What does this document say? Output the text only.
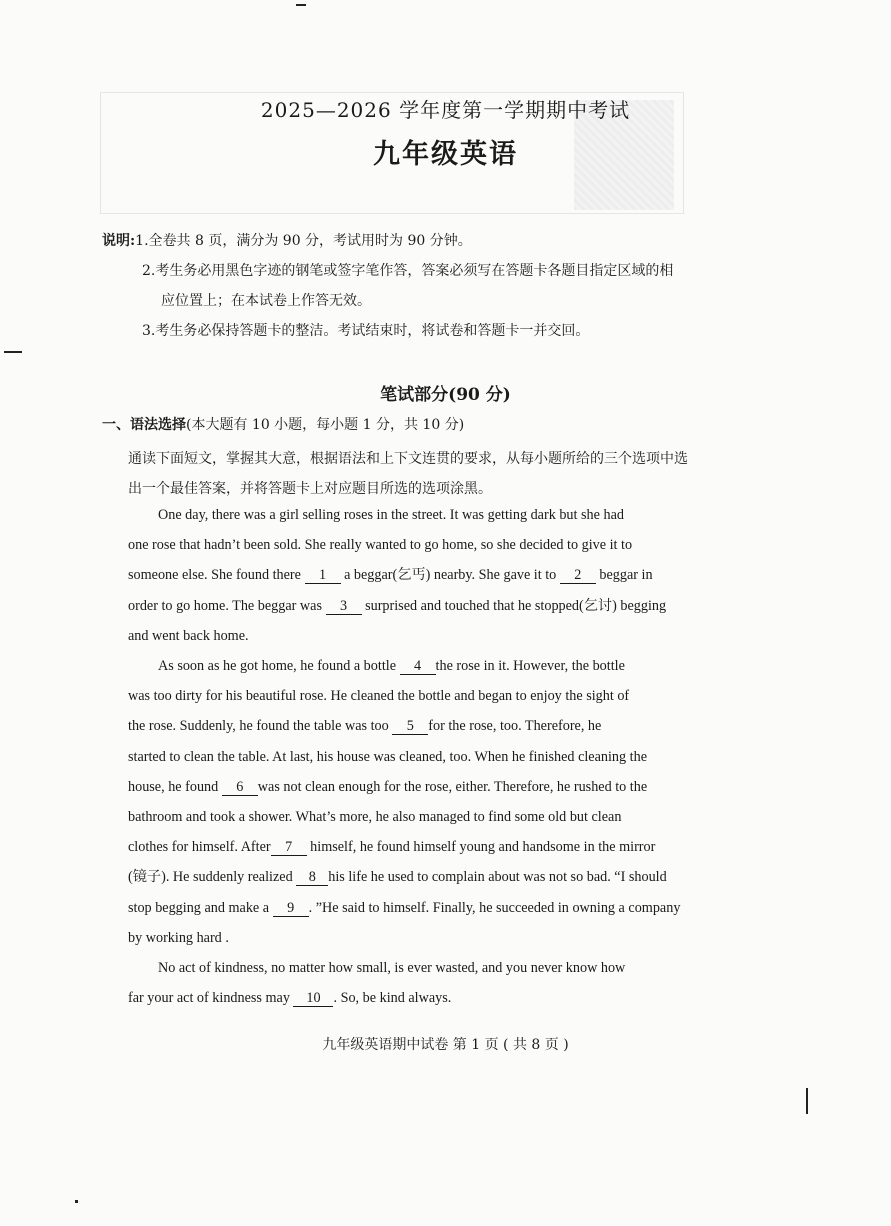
2025—2026 学年度第一学期期中考试
九年级英语
说明:1.全卷共 8 页，满分为 90 分，考试用时为 90 分钟。
2.考生务必用黑色字迹的钢笔或签字笔作答，答案必须写在答题卡各题目指定区域的相
应位置上；在本试卷上作答无效。
3.考生务必保持答题卡的整洁。考试结束时，将试卷和答题卡一并交回。
笔试部分(90 分)
一、语法选择(本大题有 10 小题，每小题 1 分，共 10 分)
通读下面短文，掌握其大意，根据语法和上下文连贯的要求，从每小题所给的三个选项中选
出一个最佳答案，并将答题卡上对应题目所选的选项涂黑。
One day, there was a girl selling roses in the street. It was getting dark but she had
one rose that hadn’t been sold. She really wanted to go home, so she decided to give it to
someone else. She found there 1 a beggar(乞丐) nearby. She gave it to 2 beggar in
order to go home. The beggar was 3 surprised and touched that he stopped(乞讨) begging
and went back home.
As soon as he got home, he found a bottle 4 the rose in it. However, the bottle
was too dirty for his beautiful rose. He cleaned the bottle and began to enjoy the sight of
the rose. Suddenly, he found the table was too 5 for the rose, too. Therefore, he
started to clean the table. At last, his house was cleaned, too. When he finished cleaning the
house, he found 6 was not clean enough for the rose, either. Therefore, he rushed to the
bathroom and took a shower. What’s more, he also managed to find some old but clean
clothes for himself. After 7 himself, he found himself young and handsome in the mirror
(镜子). He suddenly realized 8 his life he used to complain about was not so bad. “I should
stop begging and make a 9 . ”He said to himself. Finally, he succeeded in owning a company
by working hard .
No act of kindness, no matter how small, is ever wasted, and you never know how
far your act of kindness may 10 . So, be kind always.
九年级英语期中试卷 第 1 页 ( 共 8 页 )
